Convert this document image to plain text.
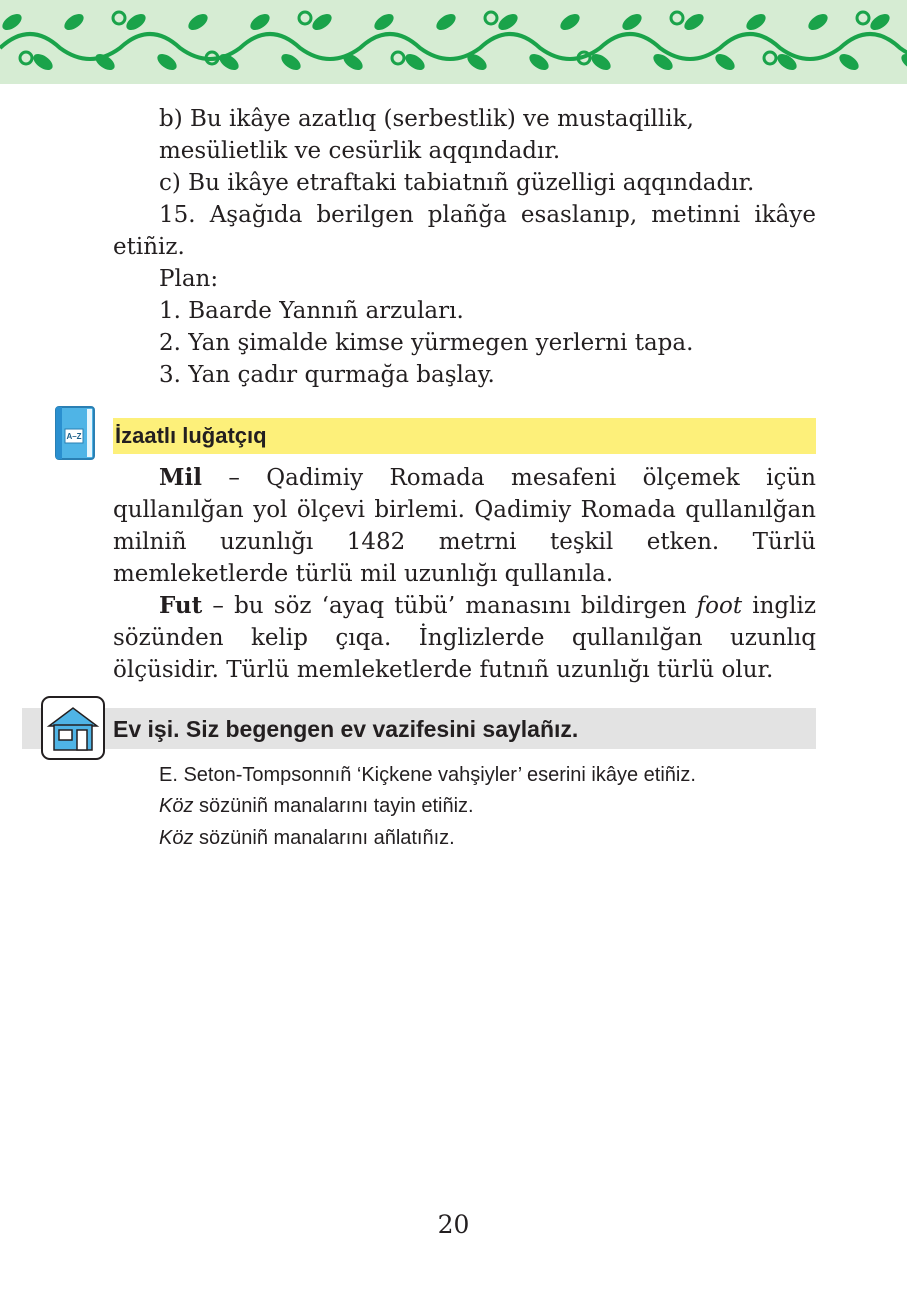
b) Bu ikâye azatlıq (serbestlik) ve mustaqillik,
mesülietlik ve cesürlik aqqındadır.
c) Bu ikâye etraftaki tabiatnıñ güzelligi aqqındadır.
15. Aşağıda berilgen plañğa esaslanıp, metinni ikâye etiñiz.
Plan:
1. Baarde Yannıñ arzuları.
2. Yan şimalde kimse yürmegen yerlerni tapa.
3. Yan çadır qurmağa başlay.
A–Z İzaatlı luğatçıq
Mil – Qadimiy Romada mesafeni ölçemek içün qullanılğan yol ölçevi birlemi. Qadimiy Romada qullanılğan milniñ uzunlığı 1482 metrni teşkil etken. Türlü memleketlerde türlü mil uzunlığı qullanıla.
Fut – bu söz ‘ayaq tübü’ manasını bildirgen foot ingliz sözünden kelip çıqa. İnglizlerde qullanılğan uzunlıq ölçüsidir. Türlü memleketlerde futnıñ uzunlığı türlü olur.
Ev işi. Siz begengen ev vazifesini saylañız.
E. Seton-Tompsonnıñ ‘Kiçkene vahşiyler’ eserini ikâye etiñiz.
Köz sözüniñ manalarını tayin etiñiz.
Köz sözüniñ manalarını añlatıñız.
20
